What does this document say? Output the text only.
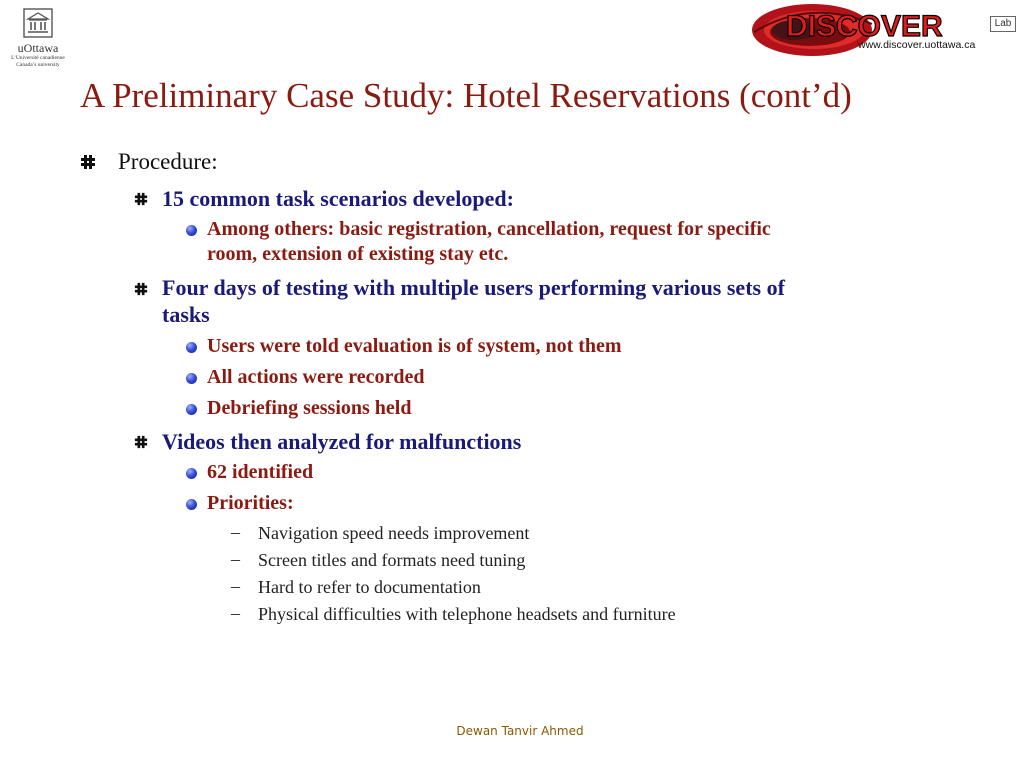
uOttawa
L’Université canadienne
Canada’s university
DISCOVER	Lab
www.discover.uottawa.ca
A Preliminary Case Study: Hotel Reservations (cont’d)
Procedure:
15 common task scenarios developed:
Among others: basic registration, cancellation, request for specific
room, extension of existing stay etc.
Four days of testing with multiple users performing various sets of
tasks
Users were told evaluation is of system, not them
All actions were recorded
Debriefing sessions held
Videos then analyzed for malfunctions
62 identified
Priorities:
– Navigation speed needs improvement
– Screen titles and formats need tuning
– Hard to refer to documentation
– Physical difficulties with telephone headsets and furniture
Dewan Tanvir Ahmed
